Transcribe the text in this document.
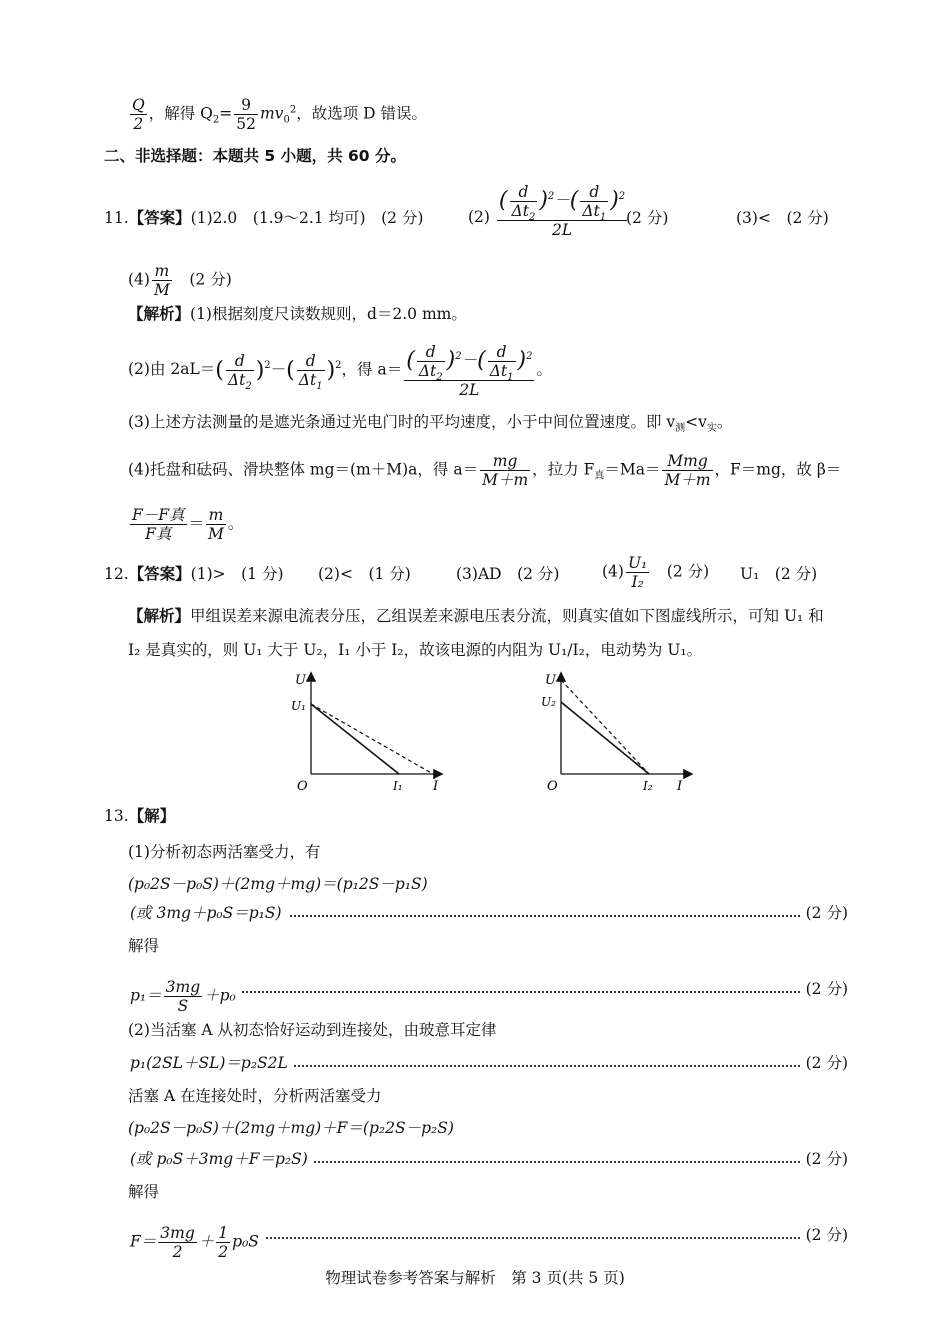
$\frac{Q}{2}$ ，解得 $Q_2= \frac{9}{52} mv_0^2$，故选项 D 错误。
二、非选择题：本题共 5 小题，共 60 分。
11.【答案】(1)2.0　(1.9～2.1 均可)　(2 分)	$(2) \frac{( \frac{d}{\Delta t_2} )^2-( \frac{d}{\Delta t_1} )^2}{2L}$
(2 分)	(3)<　(2 分)
$(4) \frac{m}{M}$
　 (2 分)
【解析】(1)根据刻度尺读数规则，d＝2.0 mm。
(2)由 $2aL=( \frac{d}{\Delta t_2} )^2-( \frac{d}{\Delta t_1} )^2$，得 $a= \frac{( \frac{d}{\Delta t_2} )^2-( \frac{d}{\Delta t_1} )^2}{2L}$ 。
(3)上述方法测量的是遮光条通过光电门时的平均速度，小于中间位置速度。即 $v_测<v_实$。
(4)托盘和砝码、滑块整体 mg＝(m＋M)a，得 $a= \frac{mg}{M+m}$ ，拉力 $F_真=Ma= \frac{\text{Mmg}}{M+m}$ ，F＝mg，故 β＝
$\frac{\text{F－F真}}{\text{F真}} = \frac{m}{M}$ 。
12.【答案】(1)>　(1 分) (2)<　(1 分)	(3)AD　(2 分)	$(4) \frac{\text{U₁}}{\text{I₂}}$
　 (2 分) U₁　(2 分)
【解析】甲组误差来源电流表分压，乙组误差来源电压表分流，则真实值如下图虚线所示，可知 U₁ 和
I₂ 是真实的，则 U₁ 大于 U₂，I₁ 小于 I₂，故该电源的内阻为 U₁/I₂，电动势为 U₁。
U
I
O
U₁
I₁
U
I
O
U₂
I₂
13.【解】
(1)分析初态两活塞受力，有
(p₀2S－p₀S)＋(2mg＋mg)＝(p₁2S－p₁S)
(或 3mg＋p₀S＝p₁S)	(2 分)
解得
$p_1= \frac{3mg}{S} +p_0$	(2 分)
(2)当活塞 A 从初态恰好运动到连接处，由玻意耳定律
p₁(2SL＋SL)＝p₂S2L	(2 分)
活塞 A 在连接处时，分析两活塞受力
(p₀2S－p₀S)＋(2mg＋mg)＋F＝(p₂2S－p₂S)
(或 p₀S＋3mg＋F＝p₂S)	(2 分)
解得
$F= \frac{3mg}{2} + \frac{1}{2} p_0S$	(2 分)
物理试卷参考答案与解析　第 3 页(共 5 页)
